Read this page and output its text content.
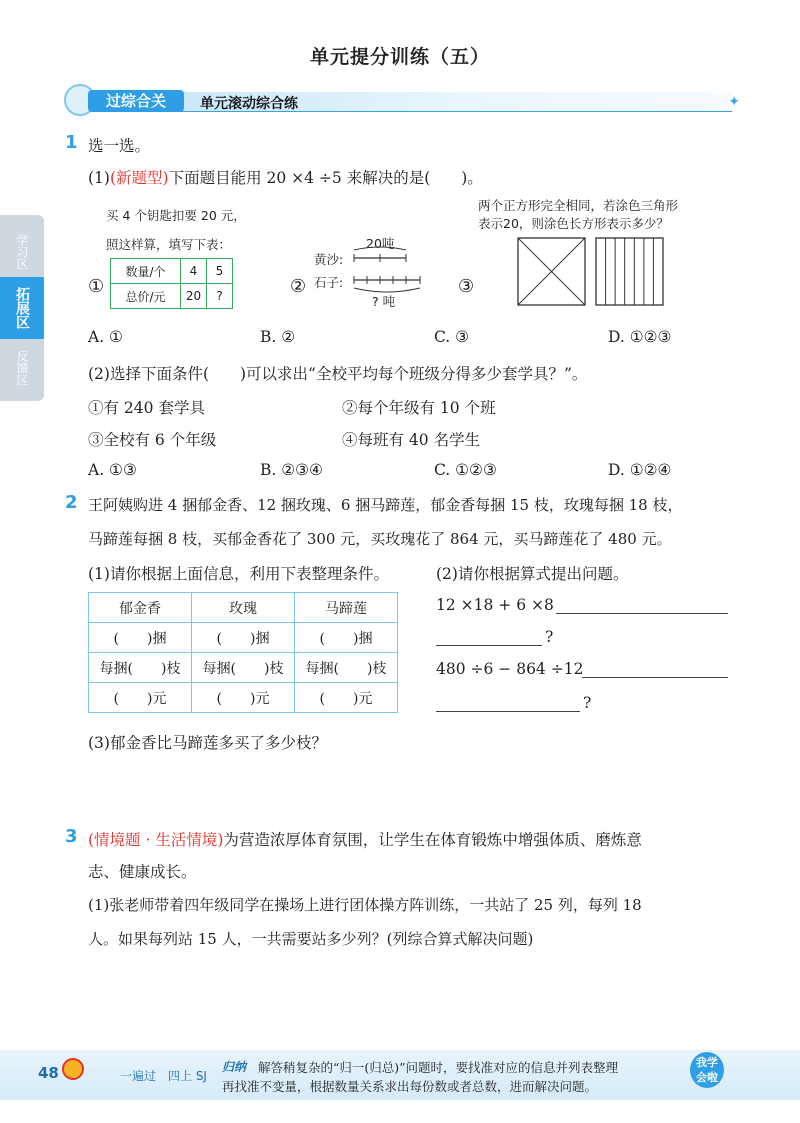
单元提分训练（五）
过综合关	单元滚动综合练	✦
学习区
拓展区
反馈区
1 选一选。
(1)(新题型)下面题目能用 20 ×4 ÷5 来解决的是(　　)。
买 4 个钥匙扣要 20 元，
照这样算，填写下表：
①
数量/个	4	5
总价/元	20	?	②
20吨
黄沙:
石子:
? 吨
③
两个正方形完全相同，若涂色三角形
表示20，则涂色长方形表示多少？
A. ①	B. ②	C. ③	D. ①②③
(2)选择下面条件(　　)可以求出“全校平均每个班级分得多少套学具？”。
①有 240 套学具	②每个年级有 10 个班
③全校有 6 个年级	④每班有 40 名学生
A. ①③	B. ②③④	C. ①②③	D. ①②④
2 王阿姨购进 4 捆郁金香、12 捆玫瑰、6 捆马蹄莲，郁金香每捆 15 枝，玫瑰每捆 18 枝，
马蹄莲每捆 8 枝，买郁金香花了 300 元，买玫瑰花了 864 元，买马蹄莲花了 480 元。
(1)请你根据上面信息，利用下表整理条件。	(2)请你根据算式提出问题。
郁金香	玫瑰	马蹄莲
(　　)捆	(　　)捆	(　　)捆
每捆(　　)枝	每捆(　　)枝	每捆(　　)枝
(　　)元	(　　)元	(　　)元
12 ×18 + 6 ×8
?
480 ÷6 − 864 ÷12
?
(3)郁金香比马蹄莲多买了多少枝？
3 (情境题 · 生活情境)为营造浓厚体育氛围，让学生在体育锻炼中增强体质、磨炼意
志、健康成长。
(1)张老师带着四年级同学在操场上进行团体操方阵训练，一共站了 25 列，每列 18
人。如果每列站 15 人，一共需要站多少列？(列综合算式解决问题)
48	一遍过　四上 SJ
归纳 解答稍复杂的“归一(归总)”问题时，要找准对应的信息并列表整理
再找准不变量，根据数量关系求出每份数或者总数，进而解决问题。
我学
会啦
